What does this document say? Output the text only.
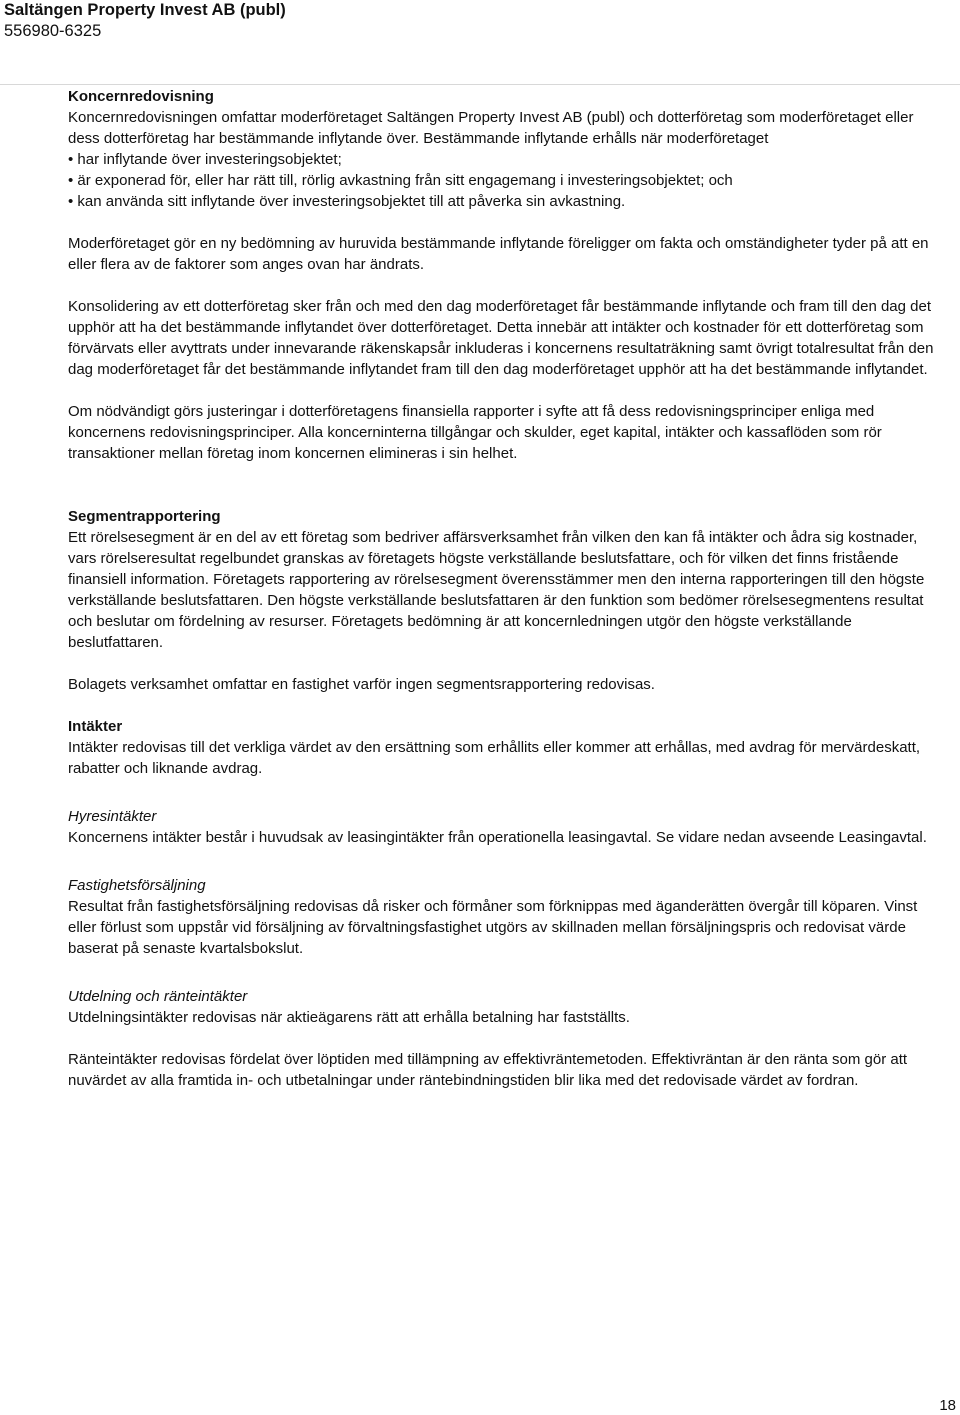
Saltängen Property Invest AB (publ)
556980-6325

Koncernredovisning

Koncernredovisningen omfattar moderföretaget Saltängen Property Invest AB (publ) och dotterföretag som moderföretaget eller dess dotterföretag har bestämmande inflytande över. Bestämmande inflytande erhålls när moderföretaget

• har inflytande över investeringsobjektet;
• är exponerad för, eller har rätt till, rörlig avkastning från sitt engagemang i investeringsobjektet; och
• kan använda sitt inflytande över investeringsobjektet till att påverka sin avkastning.

Moderföretaget gör en ny bedömning av huruvida bestämmande inflytande föreligger om fakta och omständigheter tyder på att en eller flera av de faktorer som anges ovan har ändrats.

Konsolidering av ett dotterföretag sker från och med den dag moderföretaget får bestämmande inflytande och fram till den dag det upphör att ha det bestämmande inflytandet över dotterföretaget. Detta innebär att intäkter och kostnader för ett dotterföretag som förvärvats eller avyttrats under innevarande räkenskapsår inkluderas i koncernens resultaträkning samt övrigt totalresultat från den dag moderföretaget får det bestämmande inflytandet fram till den dag moderföretaget upphör att ha det bestämmande inflytandet.

Om nödvändigt görs justeringar i dotterföretagens finansiella rapporter i syfte att få dess redovisningsprinciper enliga med koncernens redovisningsprinciper. Alla koncerninterna tillgångar och skulder, eget kapital, intäkter och kassaflöden som rör transaktioner mellan företag inom koncernen elimineras i sin helhet.

Segmentrapportering

Ett rörelsesegment är en del av ett företag som bedriver affärsverksamhet från vilken den kan få intäkter och ådra sig kostnader, vars rörelseresultat regelbundet granskas av företagets högste verkställande beslutsfattare, och för vilken det finns fristående finansiell information. Företagets rapportering av rörelsesegment överensstämmer men den interna rapporteringen till den högste verkställande beslutsfattaren. Den högste verkställande beslutsfattaren är den funktion som bedömer rörelsesegmentens resultat och beslutar om fördelning av resurser. Företagets bedömning är att koncernledningen utgör den högste verkställande beslutfattaren.

Bolagets verksamhet omfattar en fastighet varför ingen segmentsrapportering redovisas.

Intäkter

Intäkter redovisas till det verkliga värdet av den ersättning som erhållits eller kommer att erhållas, med avdrag för mervärdeskatt, rabatter och liknande avdrag.

Hyresintäkter

Koncernens intäkter består i huvudsak av leasingintäkter från operationella leasingavtal. Se vidare nedan avseende Leasingavtal.

Fastighetsförsäljning

Resultat från fastighetsförsäljning redovisas då risker och förmåner som förknippas med äganderätten övergår till köparen. Vinst eller förlust som uppstår vid försäljning av förvaltningsfastighet utgörs av skillnaden mellan försäljningspris och redovisat värde baserat på senaste kvartalsbokslut.

Utdelning och ränteintäkter

Utdelningsintäkter redovisas när aktieägarens rätt att erhålla betalning har fastställts.

Ränteintäkter redovisas fördelat över löptiden med tillämpning av effektivräntemetoden. Effektivräntan är den ränta som gör att nuvärdet av alla framtida in- och utbetalningar under räntebindningstiden blir lika med det redovisade värdet av fordran.

18
